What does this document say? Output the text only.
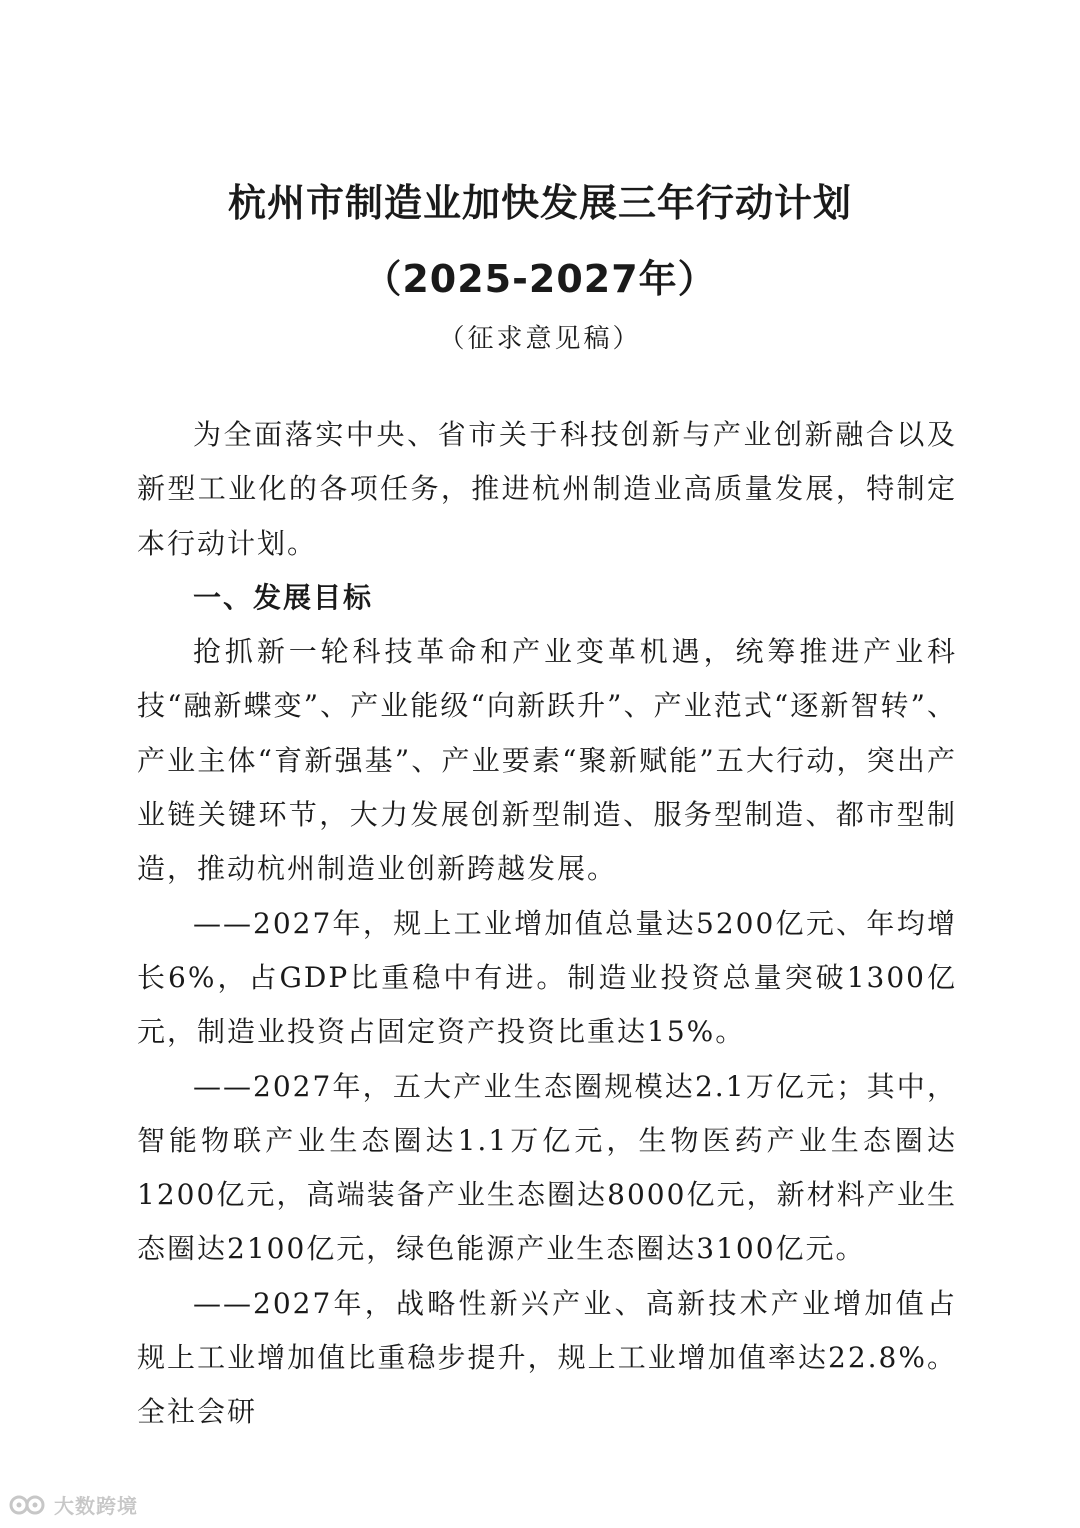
杭州市制造业加快发展三年行动计划
（2025-2027年）
（征求意见稿）

为全面落实中央、省市关于科技创新与产业创新融合以及新型工业化的各项任务，推进杭州制造业高质量发展，特制定本行动计划。

一、发展目标

抢抓新一轮科技革命和产业变革机遇，统筹推进产业科技“融新蝶变”、产业能级“向新跃升”、产业范式“逐新智转”、产业主体“育新强基”、产业要素“聚新赋能”五大行动，突出产业链关键环节，大力发展创新型制造、服务型制造、都市型制造，推动杭州制造业创新跨越发展。

——2027年，规上工业增加值总量达5200亿元、年均增长6%，占GDP比重稳中有进。制造业投资总量突破1300亿元，制造业投资占固定资产投资比重达15%。

——2027年，五大产业生态圈规模达2.1万亿元；其中，智能物联产业生态圈达1.1万亿元，生物医药产业生态圈达1200亿元，高端装备产业生态圈达8000亿元，新材料产业生态圈达2100亿元，绿色能源产业生态圈达3100亿元。

——2027年，战略性新兴产业、高新技术产业增加值占规上工业增加值比重稳步提升，规上工业增加值率达22.8%。全社会研

大数跨境
